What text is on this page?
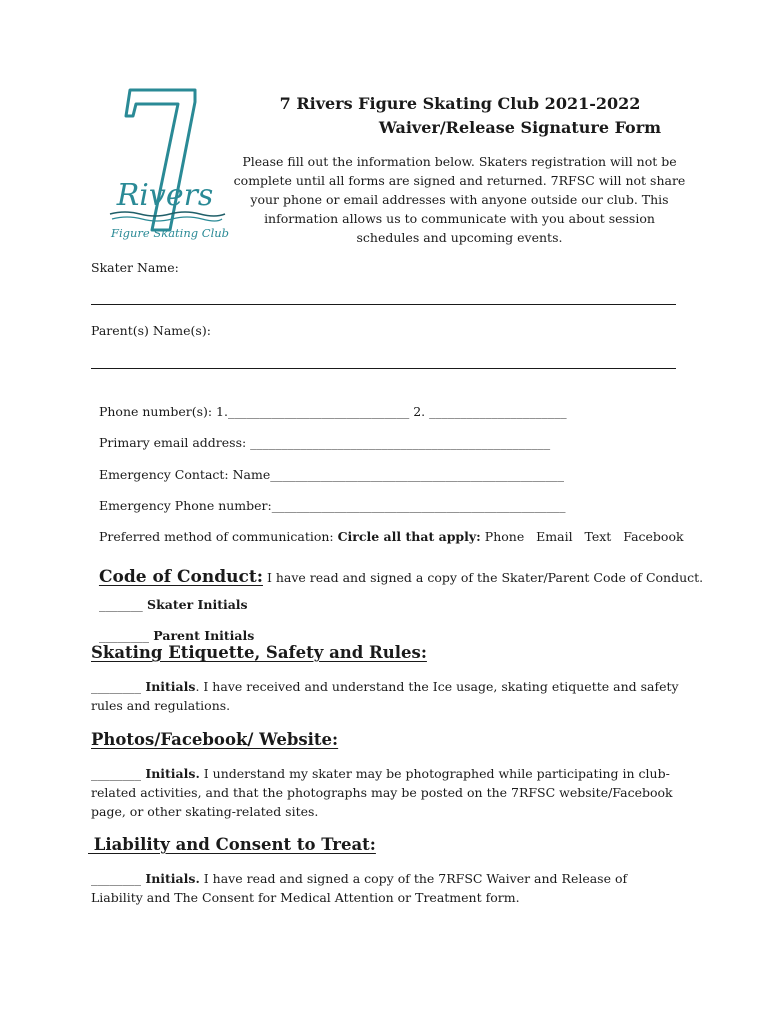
Rivers
Figure Skating Club
7 Rivers Figure Skating Club 2021-2022
Waiver/Release Signature Form
Please fill out the information below. Skaters registration will not be complete until all forms are signed and returned. 7RFSC will not share your phone or email addresses with anyone outside our club. This information allows us to communicate with you about session schedules and upcoming events.
Skater Name:
Parent(s) Name(s):

Phone number(s): 1._____________________________ 2. ______________________

Primary email address: ________________________________________________

Emergency Contact: Name_______________________________________________

Emergency Phone number:_______________________________________________

Preferred method of communication: Circle all that apply: Phone   Email   Text   Facebook

Code of Conduct: I have read and signed a copy of the Skater/Parent Code of Conduct.

_______ Skater Initials

________ Parent Initials

Skating Etiquette, Safety and Rules:
________ Initials. I have received and understand the Ice usage, skating etiquette and safety rules and regulations.
Photos/Facebook/ Website:
________ Initials. I understand my skater may be photographed while participating in club-related activities, and that the photographs may be posted on the 7RFSC website/Facebook page, or other skating-related sites.
Liability and Consent to Treat:
________ Initials. I have read and signed a copy of the 7RFSC Waiver and Release of Liability and The Consent for Medical Attention or Treatment form.
